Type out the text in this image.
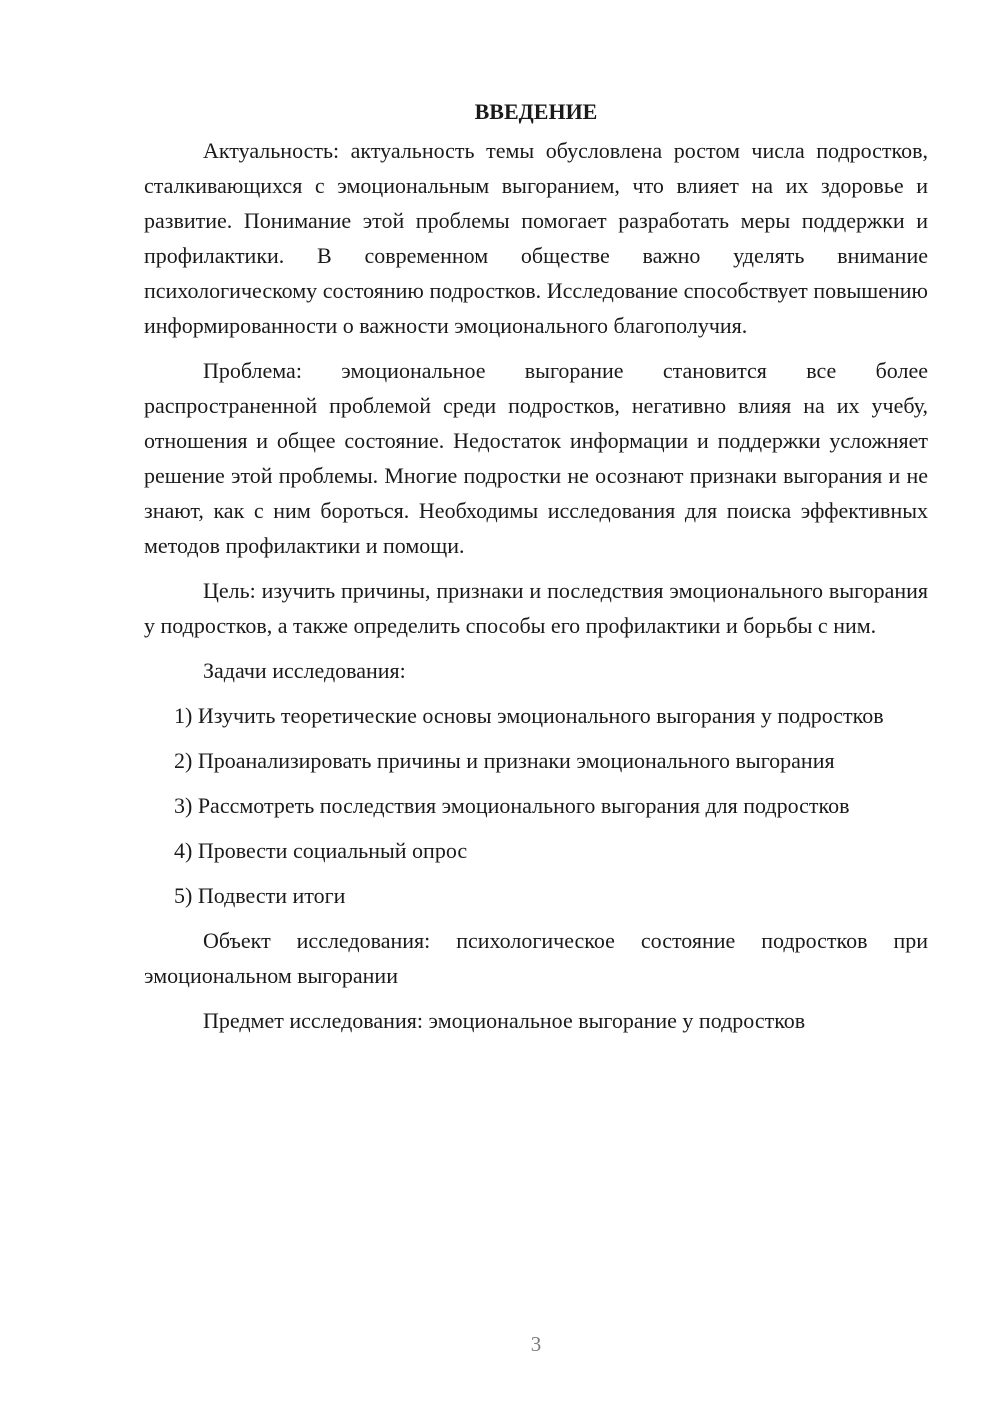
ВВЕДЕНИЕ

Актуальность: актуальность темы обусловлена ростом числа подростков, сталкивающихся с эмоциональным выгоранием, что влияет на их здоровье и развитие. Понимание этой проблемы помогает разработать меры поддержки и профилактики. В современном обществе важно уделять внимание психологическому состоянию подростков. Исследование способствует повышению информированности о важности эмоционального благополучия.

Проблема: эмоциональное выгорание становится все более распространенной проблемой среди подростков, негативно влияя на их учебу, отношения и общее состояние. Недостаток информации и поддержки усложняет решение этой проблемы. Многие подростки не осознают признаки выгорания и не знают, как с ним бороться. Необходимы исследования для поиска эффективных методов профилактики и помощи.

Цель: изучить причины, признаки и последствия эмоционального выгорания у подростков, а также определить способы его профилактики и борьбы с ним.

Задачи исследования:

1) Изучить теоретические основы эмоционального выгорания у подростков

2) Проанализировать причины и признаки эмоционального выгорания

3) Рассмотреть последствия эмоционального выгорания для подростков

4) Провести социальный опрос

5) Подвести итоги

Объект исследования: психологическое состояние подростков при эмоциональном выгорании

Предмет исследования: эмоциональное выгорание у подростков

3
